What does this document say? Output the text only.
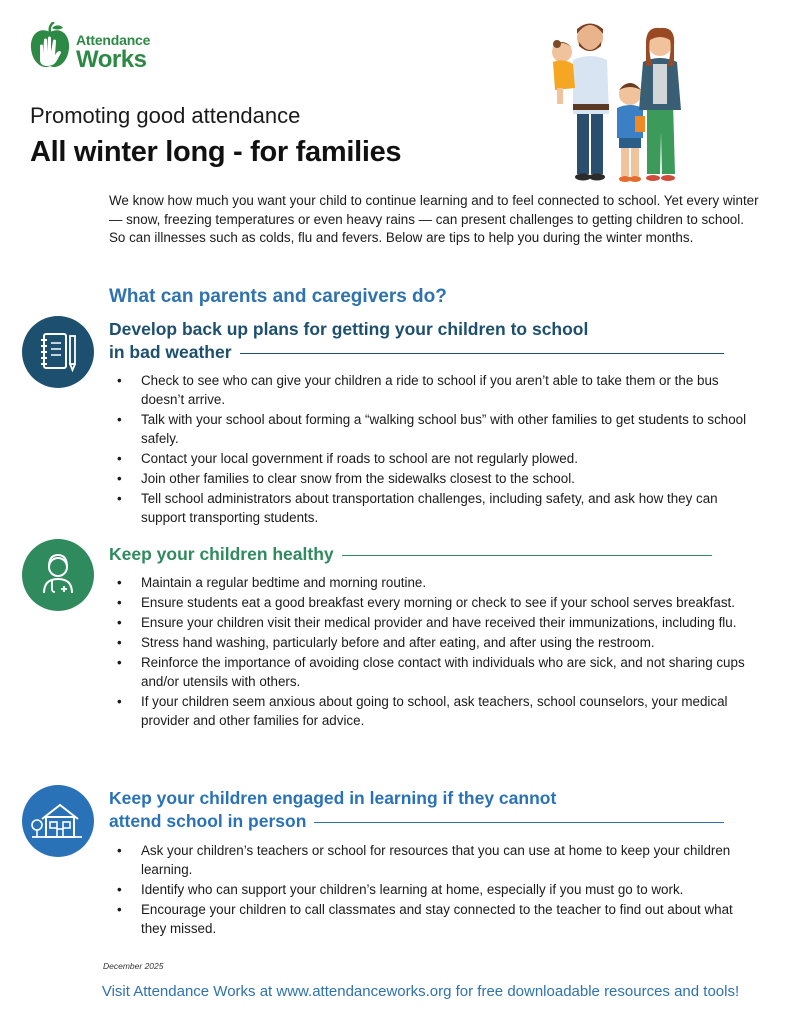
Attendance
Works
Promoting good attendance
All winter long - for families
We know how much you want your child to continue learning and to feel connected to school. Yet every winter — snow, freezing temperatures or even heavy rains — can present challenges to getting children to school. So can illnesses such as colds, flu and fevers. Below are tips to help you during the winter months.
What can parents and caregivers do?
Develop back up plans for getting your children to school
in bad weather
• Check to see who can give your children a ride to school if you aren’t able to take them or the bus doesn’t arrive.
• Talk with your school about forming a “walking school bus” with other families to get students to school safely.
• Contact your local government if roads to school are not regularly plowed.
• Join other families to clear snow from the sidewalks closest to the school.
• Tell school administrators about transportation challenges, including safety, and ask how they can support transporting students.
Keep your children healthy
• Maintain a regular bedtime and morning routine.
• Ensure students eat a good breakfast every morning or check to see if your school serves breakfast.
• Ensure your children visit their medical provider and have received their immunizations, including flu.
• Stress hand washing, particularly before and after eating, and after using the restroom.
• Reinforce the importance of avoiding close contact with individuals who are sick, and not sharing cups and/or utensils with others.
• If your children seem anxious about going to school, ask teachers, school counselors, your medical provider and other families for advice.
Keep your children engaged in learning if they cannot
attend school in person
• Ask your children’s teachers or school for resources that you can use at home to keep your children learning.
• Identify who can support your children’s learning at home, especially if you must go to work.
• Encourage your children to call classmates and stay connected to the teacher to find out about what they missed.
December 2025
Visit Attendance Works at www.attendanceworks.org for free downloadable resources and tools!
